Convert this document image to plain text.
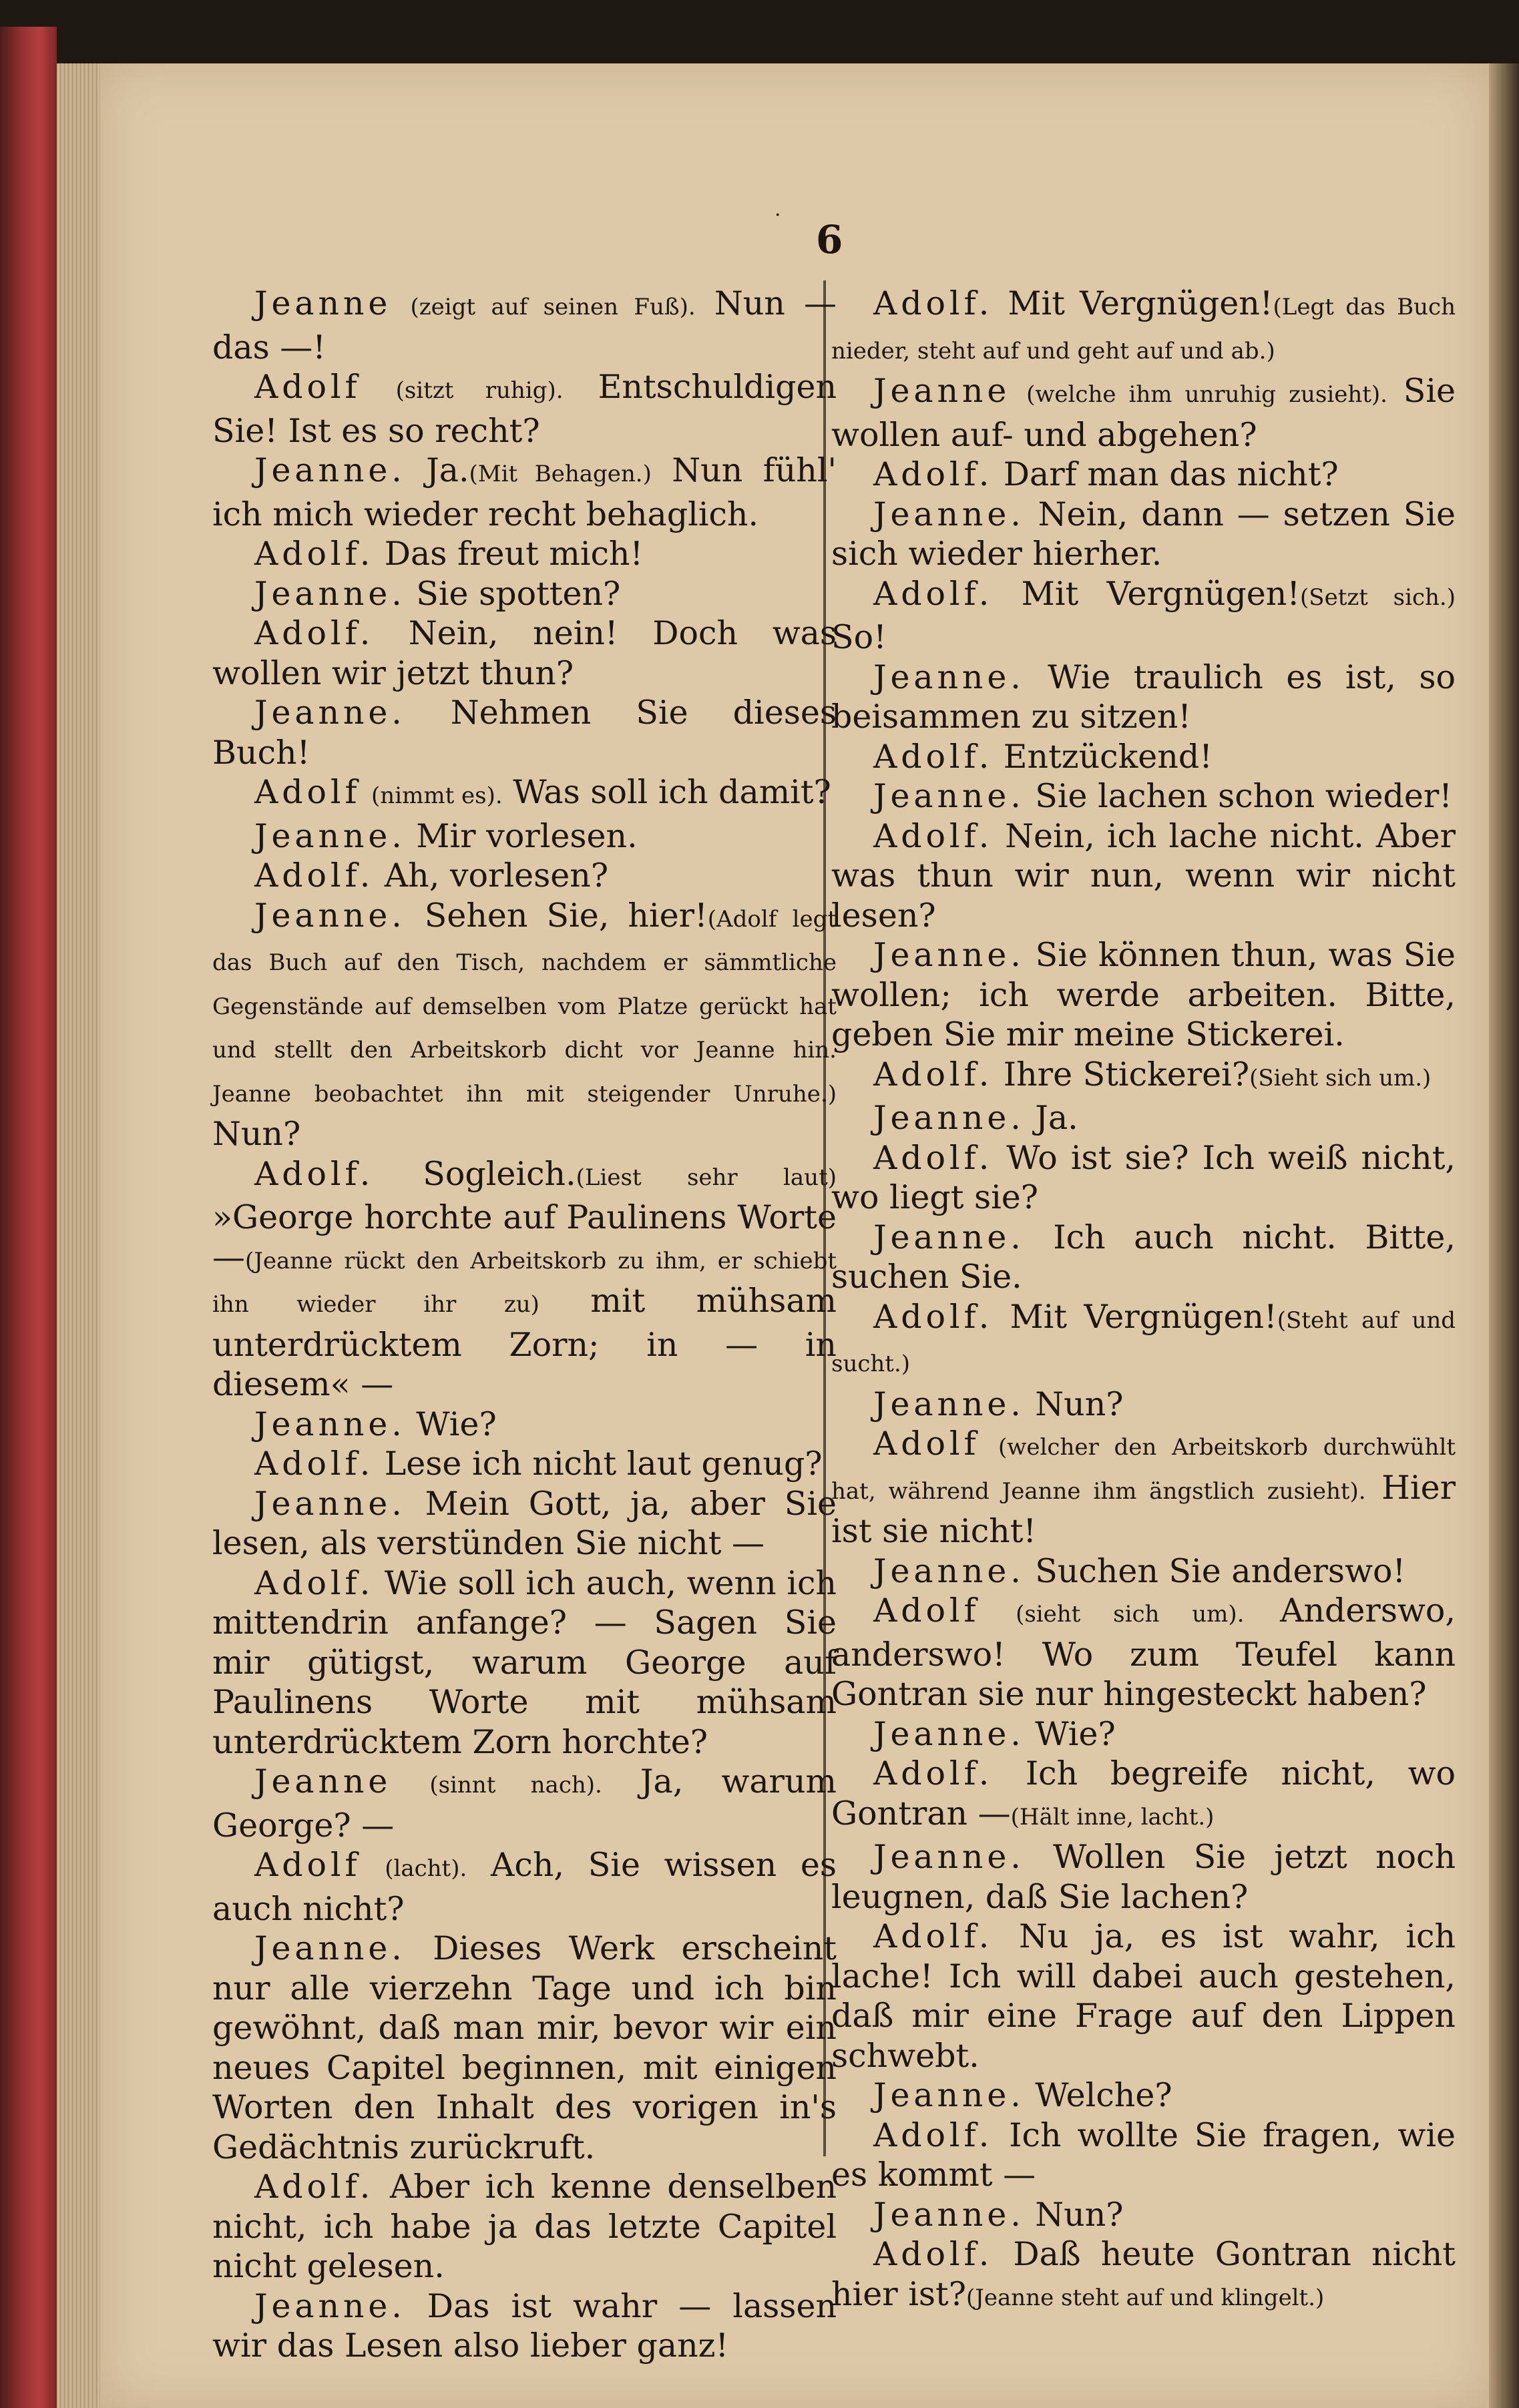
6
·

Jeanne (zeigt auf seinen Fuß). Nun — das —!

Adolf (sitzt ruhig). Entschuldigen Sie! Ist es so recht?

Jeanne. Ja.(Mit Behagen.) Nun fühl' ich mich wieder recht behaglich.

Adolf. Das freut mich!

Jeanne. Sie spotten?

Adolf. Nein, nein! Doch was wollen wir jetzt thun?

Jeanne. Nehmen Sie dieses Buch!

Adolf (nimmt es). Was soll ich damit?

Jeanne. Mir vorlesen.

Adolf. Ah, vorlesen?

Jeanne. Sehen Sie, hier!(Adolf legt das Buch auf den Tisch, nachdem er sämmtliche Gegenstände auf demselben vom Platze gerückt hat und stellt den Arbeitskorb dicht vor Jeanne hin. Jeanne beobachtet ihn mit steigender Unruhe.) Nun?

Adolf. Sogleich.(Liest sehr laut) »George horchte auf Paulinens Worte —(Jeanne rückt den Arbeitskorb zu ihm, er schiebt ihn wieder ihr zu) mit mühsam unterdrücktem Zorn; in — in diesem« —

Jeanne. Wie?

Adolf. Lese ich nicht laut genug?

Jeanne. Mein Gott, ja, aber Sie lesen, als verstünden Sie nicht —

Adolf. Wie soll ich auch, wenn ich mittendrin anfange? — Sagen Sie mir gütigst, warum George auf Paulinens Worte mit mühsam unterdrücktem Zorn horchte?

Jeanne (sinnt nach). Ja, warum George? —

Adolf (lacht). Ach, Sie wissen es auch nicht?

Jeanne. Dieses Werk erscheint nur alle vierzehn Tage und ich bin gewöhnt, daß man mir, bevor wir ein neues Capitel beginnen, mit einigen Worten den Inhalt des vorigen in's Gedächtnis zurückruft.

Adolf. Aber ich kenne denselben nicht, ich habe ja das letzte Capitel nicht gelesen.

Jeanne. Das ist wahr — lassen wir das Lesen also lieber ganz!

Adolf. Mit Vergnügen!(Legt das Buch nieder, steht auf und geht auf und ab.)

Jeanne (welche ihm unruhig zusieht). Sie wollen auf- und abgehen?

Adolf. Darf man das nicht?

Jeanne. Nein, dann — setzen Sie sich wieder hierher.

Adolf. Mit Vergnügen!(Setzt sich.) So!

Jeanne. Wie traulich es ist, so beisammen zu sitzen!

Adolf. Entzückend!

Jeanne. Sie lachen schon wieder!

Adolf. Nein, ich lache nicht. Aber was thun wir nun, wenn wir nicht lesen?

Jeanne. Sie können thun, was Sie wollen; ich werde arbeiten. Bitte, geben Sie mir meine Stickerei.

Adolf. Ihre Stickerei?(Sieht sich um.)

Jeanne. Ja.

Adolf. Wo ist sie? Ich weiß nicht, wo liegt sie?

Jeanne. Ich auch nicht. Bitte, suchen Sie.

Adolf. Mit Vergnügen!(Steht auf und sucht.)

Jeanne. Nun?

Adolf (welcher den Arbeitskorb durchwühlt hat, während Jeanne ihm ängstlich zusieht). Hier ist sie nicht!

Jeanne. Suchen Sie anderswo!

Adolf (sieht sich um). Anderswo, anderswo! Wo zum Teufel kann Gontran sie nur hingesteckt haben?

Jeanne. Wie?

Adolf. Ich begreife nicht, wo Gontran —(Hält inne, lacht.)

Jeanne. Wollen Sie jetzt noch leugnen, daß Sie lachen?

Adolf. Nu ja, es ist wahr, ich lache! Ich will dabei auch gestehen, daß mir eine Frage auf den Lippen schwebt.

Jeanne. Welche?

Adolf. Ich wollte Sie fragen, wie es kommt —

Jeanne. Nun?

Adolf. Daß heute Gontran nicht hier ist?(Jeanne steht auf und klingelt.)
